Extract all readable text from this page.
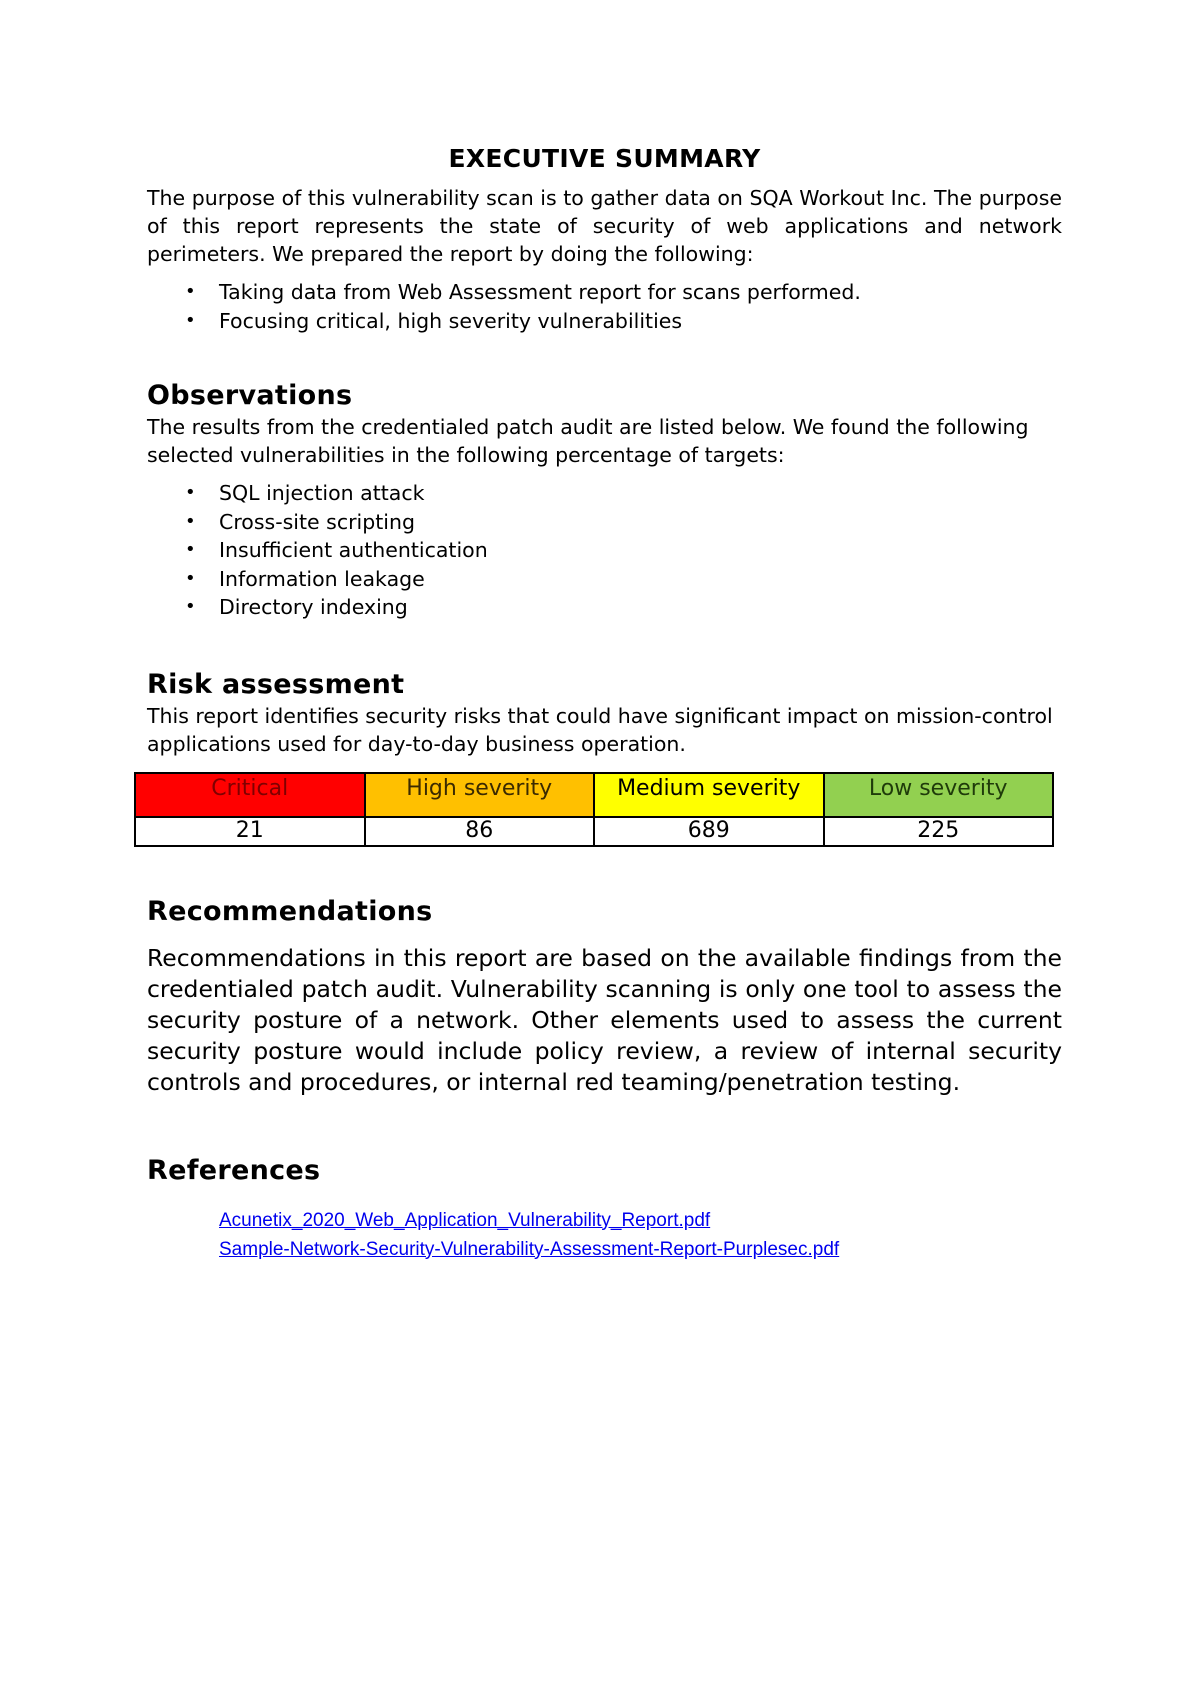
EXECUTIVE SUMMARY

The purpose of this vulnerability scan is to gather data on SQA Workout Inc. The purpose of this report represents the state of security of web applications and network perimeters. We prepared the report by doing the following:

• Taking data from Web Assessment report for scans performed.
• Focusing critical, high severity vulnerabilities
Observations

The results from the credentialed patch audit are listed below. We found the following selected vulnerabilities in the following percentage of targets:

• SQL injection attack
• Cross-site scripting
• Insufficient authentication
• Information leakage
• Directory indexing
Risk assessment

This report identifies security risks that could have significant impact on mission-control applications used for day-to-day business operation.

Critical	High severity	Medium severity	Low severity
21	86	689	225
Recommendations

Recommendations in this report are based on the available findings from the credentialed patch audit. Vulnerability scanning is only one tool to assess the security posture of a network. Other elements used to assess the current security posture would include policy review, a review of internal security controls and procedures, or internal red teaming/penetration testing.

References
Acunetix_2020_Web_Application_Vulnerability_Report.pdf
Sample-Network-Security-Vulnerability-Assessment-Report-Purplesec.pdf
